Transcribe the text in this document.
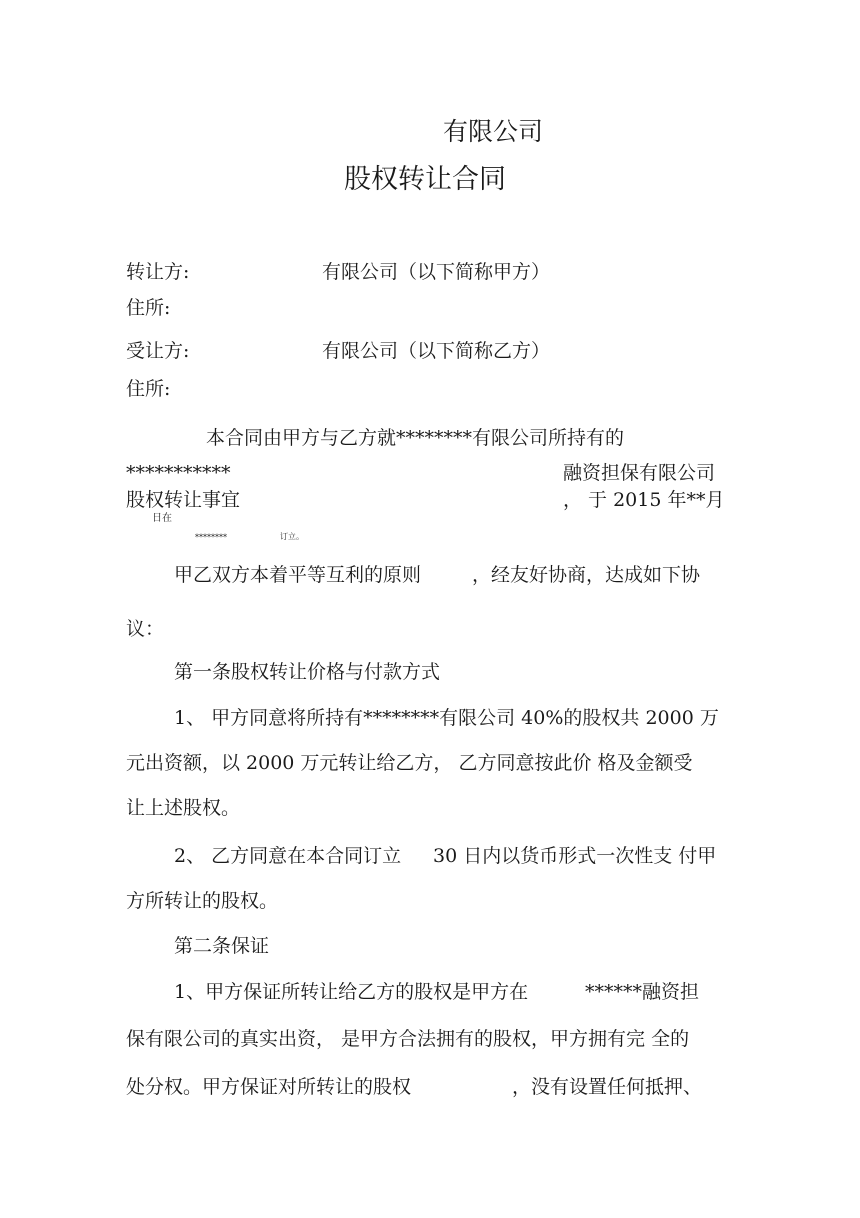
有限公司
股权转让合同
转让方:	有限公司（以下简称甲方）
住所:
受让方:	有限公司（以下简称乙方）
住所:
本合同由甲方与乙方就********有限公司所持有的
***********	融资担保有限公司
股权转让事宜	， 于 2015 年**月
日在
********	订立。
甲乙双方本着平等互利的原则	，经友好协商，达成如下协
议：
第一条股权转让价格与付款方式
1、 甲方同意将所持有********有限公司 40%的股权共 2000 万
元出资额，以 2000 万元转让给乙方， 乙方同意按此价 格及金额受
让上述股权。
2、 乙方同意在本合同订立 30 日内以货币形式一次性支 付甲
方所转让的股权。
第二条保证
1、甲方保证所转让给乙方的股权是甲方在	******融资担
保有限公司的真实出资， 是甲方合法拥有的股权，甲方拥有完 全的
处分权。甲方保证对所转让的股权	，没有设置任何抵押、
